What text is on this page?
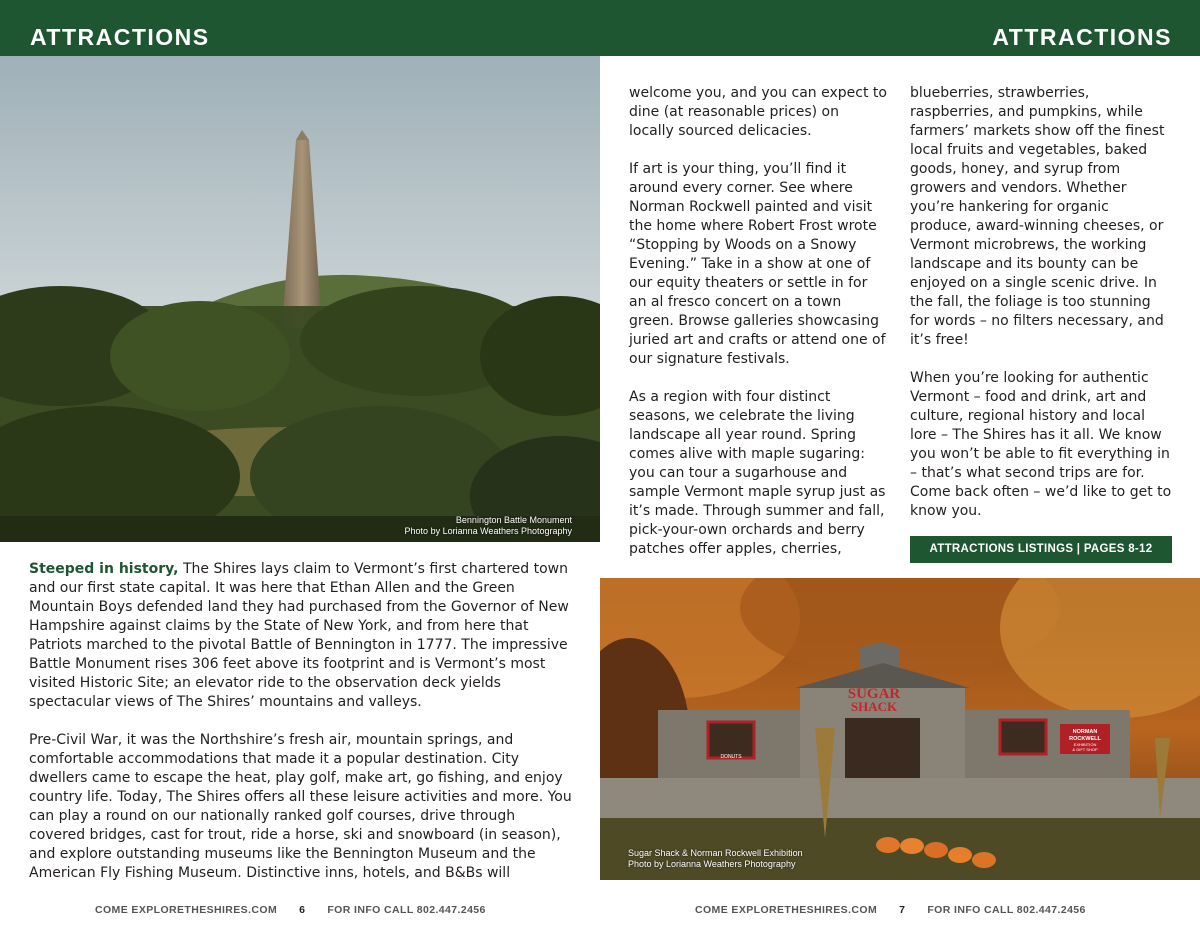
ATTRACTIONS	ATTRACTIONS
Bennington Battle Monument
Photo by Lorianna Weathers Photography

Steeped in history, The Shires lays claim to Vermont’s first chartered town and our first state capital. It was here that Ethan Allen and the Green Mountain Boys defended land they had purchased from the Governor of New Hampshire against claims by the State of New York, and from here that Patriots marched to the pivotal Battle of Bennington in 1777. The impressive Battle Monument rises 306 feet above its footprint and is Vermont’s most visited Historic Site; an elevator ride to the observation deck yields spectacular views of The Shires’ mountains and valleys.

Pre-Civil War, it was the Northshire’s fresh air, mountain springs, and comfortable accommodations that made it a popular destination. City dwellers came to escape the heat, play golf, make art, go fishing, and enjoy country life. Today, The Shires offers all these leisure activities and more. You can play a round on our nationally ranked golf courses, drive through covered bridges, cast for trout, ride a horse, ski and snowboard (in season), and explore outstanding museums like the Bennington Museum and the American Fly Fishing Museum. Distinctive inns, hotels, and B&Bs will

welcome you, and you can expect to dine (at reasonable prices) on locally sourced delicacies.

If art is your thing, you’ll find it around every corner. See where Norman Rockwell painted and visit the home where Robert Frost wrote “Stopping by Woods on a Snowy Evening.” Take in a show at one of our equity theaters or settle in for an al fresco concert on a town green. Browse galleries showcasing juried art and crafts or attend one of our signature festivals.

As a region with four distinct seasons, we celebrate the living landscape all year round. Spring comes alive with maple sugaring: you can tour a sugarhouse and sample Vermont maple syrup just as it’s made. Through summer and fall, pick-your-own orchards and berry patches offer apples, cherries,

blueberries, strawberries, raspberries, and pumpkins, while farmers’ markets show off the finest local fruits and vegetables, baked goods, honey, and syrup from growers and vendors. Whether you’re hankering for organic produce, award-winning cheeses, or Vermont microbrews, the working landscape and its bounty can be enjoyed on a single scenic drive. In the fall, the foliage is too stunning for words – no filters necessary, and it’s free!

When you’re looking for authentic Vermont – food and drink, art and culture, regional history and local lore – The Shires has it all. We know you won’t be able to fit everything in – that’s what second trips are for. Come back often – we’d like to get to know you.

ATTRACTIONS LISTINGS | PAGES 8-12
SUGAR
SHACK
DONUTS
NORMAN
ROCKWELL
EXHIBITION
& GIFT SHOP
Sugar Shack & Norman Rockwell Exhibition
Photo by Lorianna Weathers Photography
COME EXPLORETHESHIRES.COM 6 FOR INFO CALL 802.447.2456	COME EXPLORETHESHIRES.COM 7 FOR INFO CALL 802.447.2456
